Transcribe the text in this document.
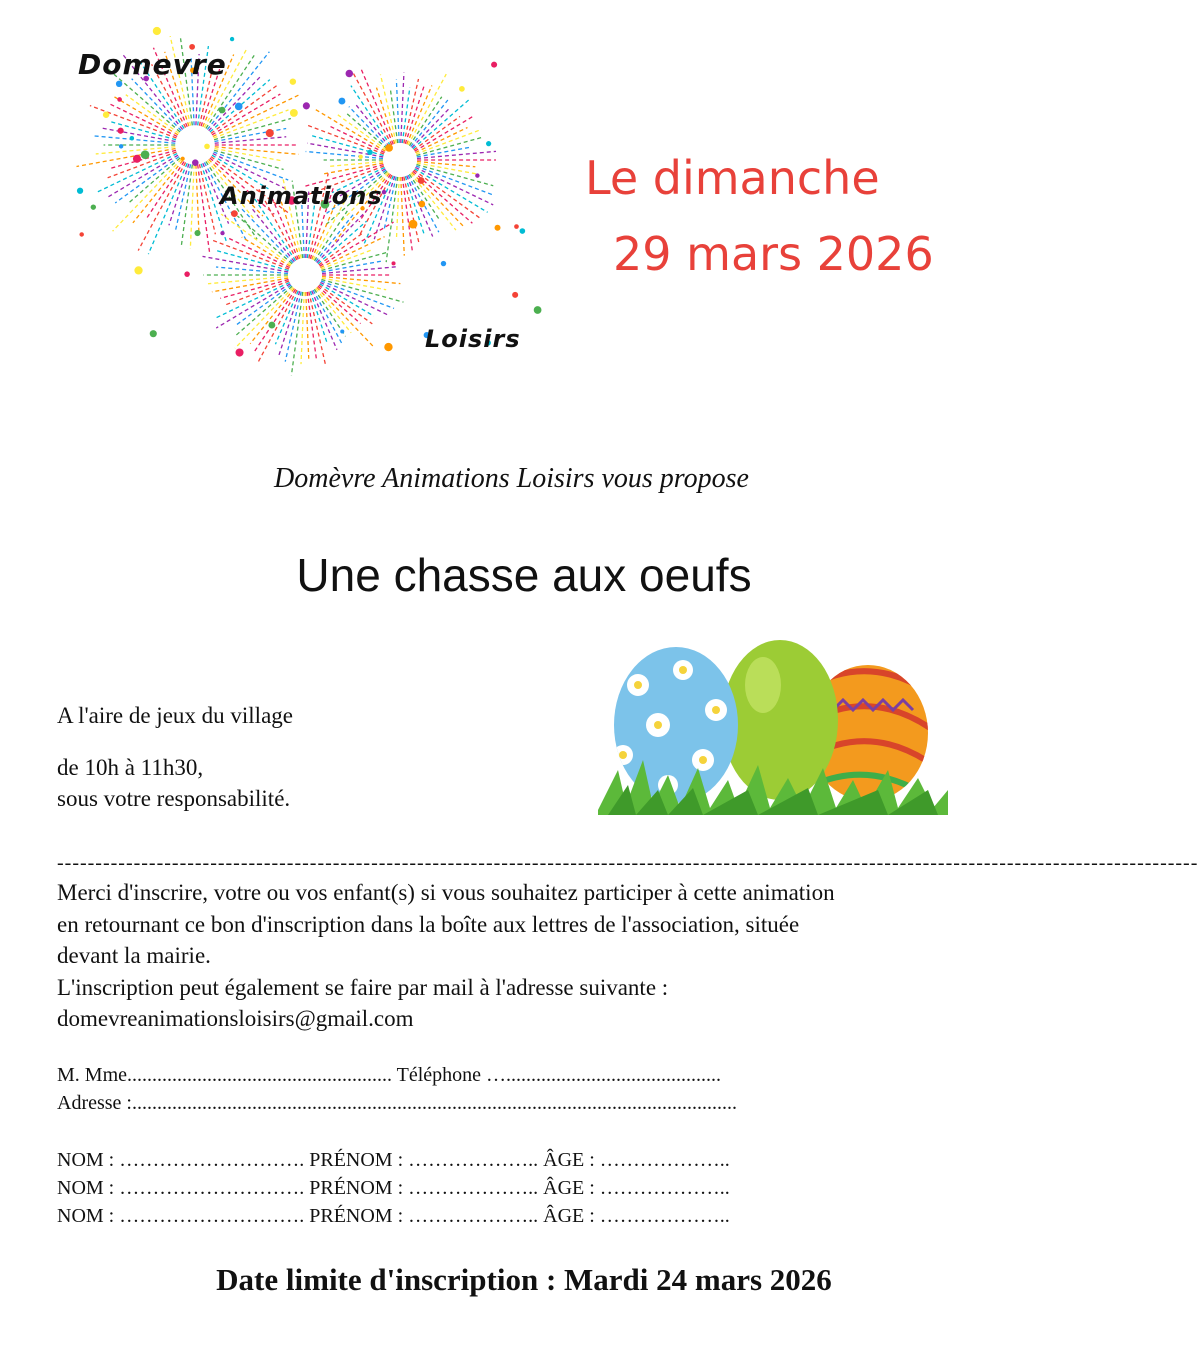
Domevre
Animations
Loisirs
Le dimanche
29 mars 2026
Domèvre Animations Loisirs vous propose
Une chasse aux oeufs
A l'aire de jeux du village
de 10h à 11h30,
sous votre responsabilité.
-----------------------------------------------------------------------------------------------------------------------------------------------------
Merci d'inscrire, votre ou vos enfant(s) si vous souhaitez participer à cette animation
en retournant ce bon d'inscription dans la boîte aux lettres de l'association, située
devant la mairie.
L'inscription peut également se faire par mail à l'adresse suivante :
domevreanimationsloisirs@gmail.com
M. Mme..................................................... Téléphone …...........................................
Adresse :.........................................................................................................................
NOM : ………………………. PRÉNOM : ……………….. ÂGE : ………………..
NOM : ………………………. PRÉNOM : ……………….. ÂGE : ………………..
NOM : ………………………. PRÉNOM : ……………….. ÂGE : ………………..
Date limite d'inscription : Mardi 24 mars 2026
